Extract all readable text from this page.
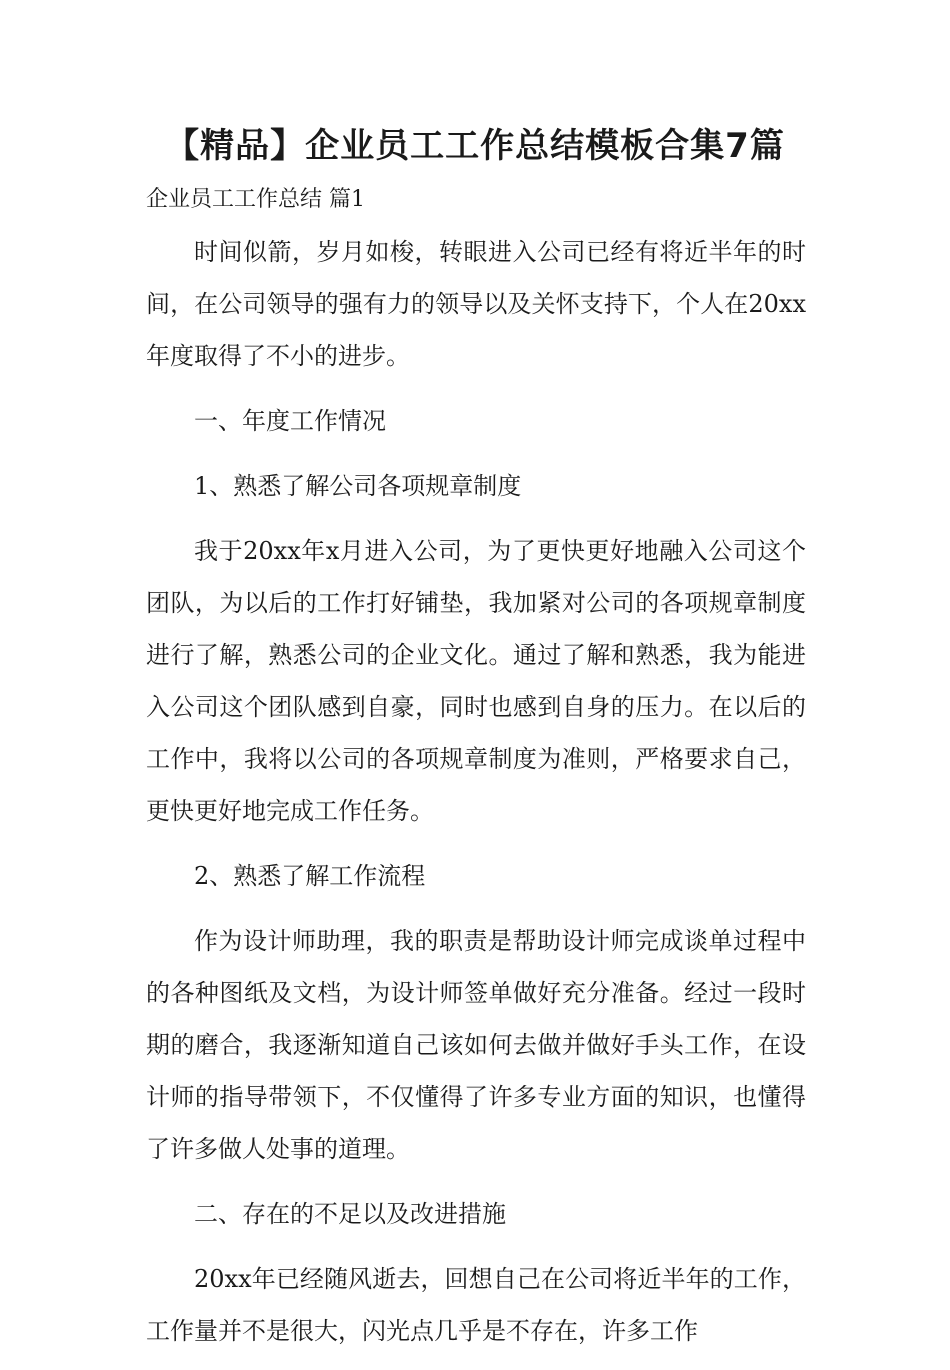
【精品】企业员工工作总结模板合集7篇
企业员工工作总结 篇1

时间似箭，岁月如梭，转眼进入公司已经有将近半年的时间，在公司领导的强有力的领导以及关怀支持下，个人在20xx年度取得了不小的进步。

一、年度工作情况

1、熟悉了解公司各项规章制度

我于20xx年x月进入公司，为了更快更好地融入公司这个团队，为以后的工作打好铺垫，我加紧对公司的各项规章制度进行了解，熟悉公司的企业文化。通过了解和熟悉，我为能进入公司这个团队感到自豪，同时也感到自身的压力。在以后的工作中，我将以公司的各项规章制度为准则，严格要求自己，更快更好地完成工作任务。

2、熟悉了解工作流程

作为设计师助理，我的职责是帮助设计师完成谈单过程中的各种图纸及文档，为设计师签单做好充分准备。经过一段时期的磨合，我逐渐知道自己该如何去做并做好手头工作，在设计师的指导带领下，不仅懂得了许多专业方面的知识，也懂得了许多做人处事的道理。

二、存在的不足以及改进措施

20xx年已经随风逝去，回想自己在公司将近半年的工作，工作量并不是很大，闪光点几乎是不存在，许多工作
